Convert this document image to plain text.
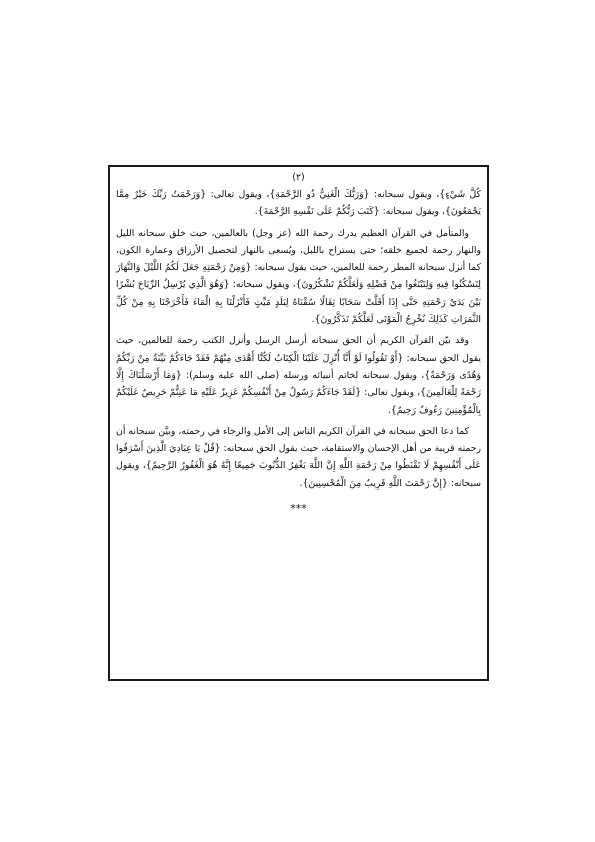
(٢)

كُلَّ شَيْءٍ}، ويقول سبحانه: {وَرَبُّكَ الْغَنِيُّ ذُو الرَّحْمَةِ}، ويقول تعالى: {وَرَحْمَتُ رَبِّكَ خَيْرٌ مِمَّا يَجْمَعُونَ}، ويقول سبحانه: {كَتَبَ رَبُّكُمْ عَلَى نَفْسِهِ الرَّحْمَةَ}.

والمتأمل في القرآن العظيم يدرك رحمة الله (عز وجل) بالعالمين، حيث خلق سبحانه الليل والنهار رحمة لجميع خلقه؛ حتى يستراح بالليل، ويُسعى بالنهار لتحصيل الأرزاق وعمارة الكون، كما أنزل سبحانه المطر رحمة للعالمين، حيث يقول سبحانه: {وَمِنْ رَحْمَتِهِ جَعَلَ لَكُمُ اللَّيْلَ وَالنَّهَارَ لِتَسْكُنُوا فِيهِ وَلِتَبْتَغُوا مِنْ فَضْلِهِ وَلَعَلَّكُمْ تَشْكُرُونَ}، ويقول سبحانه: {وَهُوَ الَّذِي يُرْسِلُ الرِّيَاحَ بُشْرًا بَيْنَ يَدَيْ رَحْمَتِهِ حَتَّى إِذَا أَقَلَّتْ سَحَابًا ثِقَالًا سُقْنَاهُ لِبَلَدٍ مَيِّتٍ فَأَنْزَلْنَا بِهِ الْمَاءَ فَأَخْرَجْنَا بِهِ مِنْ كُلِّ الثَّمَرَاتِ كَذَلِكَ نُخْرِجُ الْمَوْتَى لَعَلَّكُمْ تَذَكَّرُونَ}.

وقد بيّن القرآن الكريم أن الحق سبحانه أرسل الرسل وأنزل الكتب رحمة للعالمين، حيث يقول الحق سبحانه: {أَوْ تَقُولُوا لَوْ أَنَّا أُنْزِلَ عَلَيْنَا الْكِتَابُ لَكُنَّا أَهْدَى مِنْهُمْ فَقَدْ جَاءَكُمْ بَيِّنَةٌ مِنْ رَبِّكُمْ وَهُدًى وَرَحْمَةٌ}، ويقول سبحانه لخاتم أنبيائه ورسله (صلى الله عليه وسلم): {وَمَا أَرْسَلْنَاكَ إِلَّا رَحْمَةً لِلْعَالَمِينَ}، ويقول تعالى: {لَقَدْ جَاءَكُمْ رَسُولٌ مِنْ أَنْفُسِكُمْ عَزِيزٌ عَلَيْهِ مَا عَنِتُّمْ حَرِيصٌ عَلَيْكُمْ بِالْمُؤْمِنِينَ رَءُوفٌ رَحِيمٌ}.

كما دعا الحق سبحانه في القرآن الكريم الناس إلى الأمل والرجاء في رحمته، وبيَّن سبحانه أن رحمته قريبة من أهل الإحسان والاستقامة، حيث يقول الحق سبحانه: {قُلْ يَا عِبَادِيَ الَّذِينَ أَسْرَفُوا عَلَى أَنْفُسِهِمْ لَا تَقْنَطُوا مِنْ رَحْمَةِ اللَّهِ إِنَّ اللَّهَ يَغْفِرُ الذُّنُوبَ جَمِيعًا إِنَّهُ هُوَ الْغَفُورُ الرَّحِيمُ}، ويقول سبحانه: {إِنَّ رَحْمَتَ اللَّهِ قَرِيبٌ مِنَ الْمُحْسِنِينَ}.

***
